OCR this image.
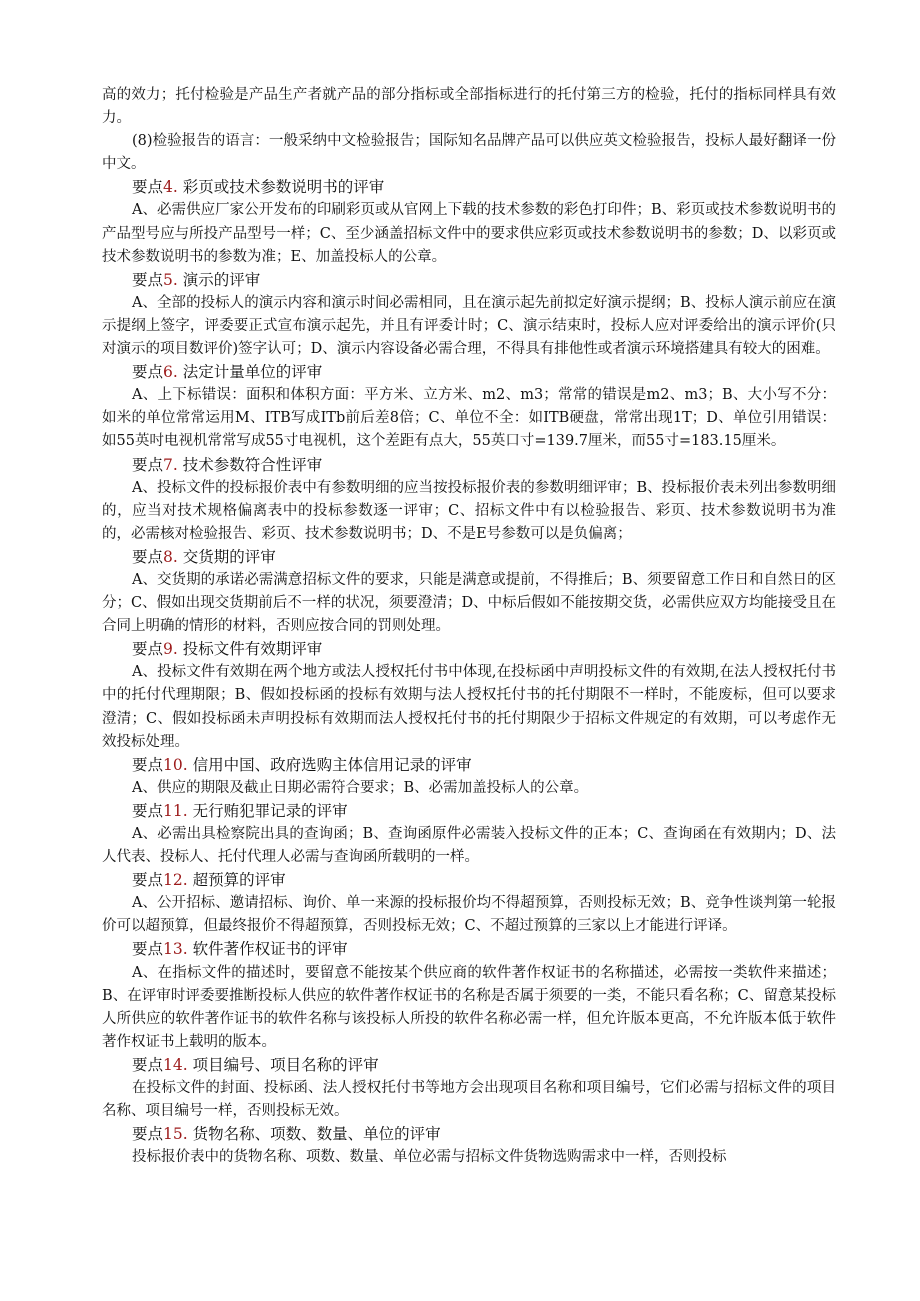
高的效力；托付检验是产品生产者就产品的部分指标或全部指标进行的托付第三方的检验，托付的指标同样具有效力。

(8)检验报告的语言：一般采纳中文检验报告；国际知名品牌产品可以供应英文检验报告，投标人最好翻译一份中文。

要点4. 彩页或技术参数说明书的评审

A、必需供应厂家公开发布的印刷彩页或从官网上下载的技术参数的彩色打印件；B、彩页或技术参数说明书的产品型号应与所投产品型号一样；C、至少涵盖招标文件中的要求供应彩页或技术参数说明书的参数；D、以彩页或技术参数说明书的参数为准；E、加盖投标人的公章。

要点5. 演示的评审

A、全部的投标人的演示内容和演示时间必需相同，且在演示起先前拟定好演示提纲；B、投标人演示前应在演示提纲上签字，评委要正式宣布演示起先，并且有评委计时；C、演示结束时，投标人应对评委给出的演示评价(只对演示的项目数评价)签字认可；D、演示内容设备必需合理，不得具有排他性或者演示环境搭建具有较大的困难。

要点6. 法定计量单位的评审

A、上下标错误：面积和体积方面：平方米、立方米、m2、m3；常常的错误是m2、m3；B、大小写不分：如米的单位常常运用M、ITB写成ITb前后差8倍；C、单位不全：如ITB硬盘，常常出现1T；D、单位引用错误：如55英吋电视机常常写成55寸电视机，这个差距有点大，55英口寸=139.7厘米，而55寸=183.15厘米。

要点7. 技术参数符合性评审

A、投标文件的投标报价表中有参数明细的应当按投标报价表的参数明细评审；B、投标报价表未列出参数明细的，应当对技术规格偏离表中的投标参数逐一评审；C、招标文件中有以检验报告、彩页、技术参数说明书为准的，必需核对检验报告、彩页、技术参数说明书；D、不是E号参数可以是负偏离；

要点8. 交货期的评审

A、交货期的承诺必需满意招标文件的要求，只能是满意或提前，不得推后；B、须要留意工作日和自然日的区分；C、假如出现交货期前后不一样的状况，须要澄清；D、中标后假如不能按期交货，必需供应双方均能接受且在合同上明确的情形的材料，否则应按合同的罚则处理。

要点9. 投标文件有效期评审

A、投标文件有效期在两个地方或法人授权托付书中体现,在投标函中声明投标文件的有效期,在法人授权托付书中的托付代理期限；B、假如投标函的投标有效期与法人授权托付书的托付期限不一样时，不能废标，但可以要求澄清；C、假如投标函未声明投标有效期而法人授权托付书的托付期限少于招标文件规定的有效期，可以考虑作无效投标处理。

要点10. 信用中国、政府选购主体信用记录的评审

A、供应的期限及截止日期必需符合要求；B、必需加盖投标人的公章。

要点11. 无行贿犯罪记录的评审

A、必需出具检察院出具的查询函；B、查询函原件必需装入投标文件的正本；C、查询函在有效期内；D、法人代表、投标人、托付代理人必需与查询函所载明的一样。

要点12. 超预算的评审

A、公开招标、邀请招标、询价、单一来源的投标报价均不得超预算，否则投标无效；B、竞争性谈判第一轮报价可以超预算，但最终报价不得超预算，否则投标无效；C、不超过预算的三家以上才能进行评译。

要点13. 软件著作权证书的评审

A、在指标文件的描述时，要留意不能按某个供应商的软件著作权证书的名称描述，必需按一类软件来描述；B、在评审时评委要推断投标人供应的软件著作权证书的名称是否属于须要的一类，不能只看名称；C、留意某投标人所供应的软件著作证书的软件名称与该投标人所投的软件名称必需一样，但允许版本更高，不允许版本低于软件著作权证书上载明的版本。

要点14. 项目编号、项目名称的评审

在投标文件的封面、投标函、法人授权托付书等地方会出现项目名称和项目编号，它们必需与招标文件的项目名称、项目编号一样，否则投标无效。

要点15. 货物名称、项数、数量、单位的评审

投标报价表中的货物名称、项数、数量、单位必需与招标文件货物选购需求中一样，否则投标
